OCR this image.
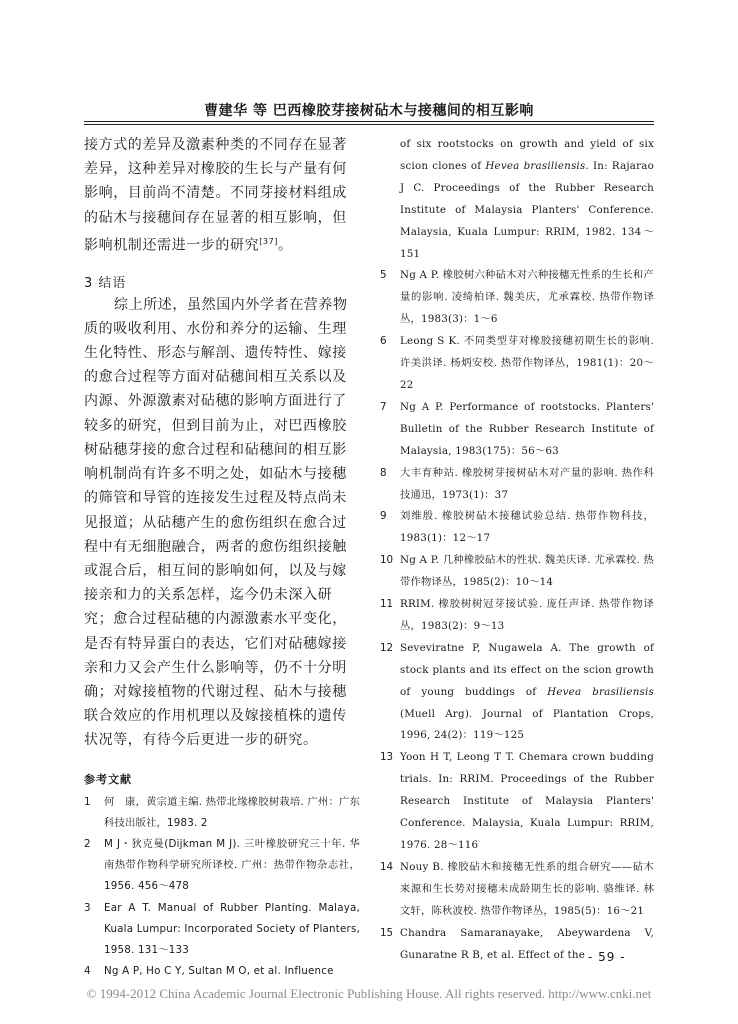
曹建华 等 巴西橡胶芽接树砧木与接穗间的相互影响

接方式的差异及激素种类的不同存在显著差异，这种差异对橡胶的生长与产量有何影响，目前尚不清楚。不同芽接材料组成的砧木与接穗间存在显著的相互影响，但影响机制还需进一步的研究[37]。

3 结语

综上所述，虽然国内外学者在营养物质的吸收利用、水份和养分的运输、生理生化特性、形态与解剖、遗传特性、嫁接的愈合过程等方面对砧穗间相互关系以及内源、外源激素对砧穗的影响方面进行了较多的研究，但到目前为止，对巴西橡胶树砧穗芽接的愈合过程和砧穗间的相互影响机制尚有许多不明之处，如砧木与接穗的筛管和导管的连接发生过程及特点尚未见报道；从砧穗产生的愈伤组织在愈合过程中有无细胞融合，两者的愈伤组织接触或混合后，相互间的影响如何，以及与嫁接亲和力的关系怎样，迄今仍未深入研究；愈合过程砧穗的内源激素水平变化，是否有特异蛋白的表达，它们对砧穗嫁接亲和力又会产生什么影响等，仍不十分明确；对嫁接植物的代谢过程、砧木与接穗联合效应的作用机理以及嫁接植株的遗传状况等，有待今后更进一步的研究。

参考文献
1	何　康，黄宗道主编. 热带北缘橡胶树栽培. 广州：广东科技出版社，1983. 2
2	M J・狄克曼(Dijkman M J). 三叶橡胶研究三十年. 华南热带作物科学研究所译校. 广州：热带作物杂志社，1956. 456～478
3	Ear A T. Manual of Rubber Planting. Malaya, Kuala Lumpur: Incorporated Society of Planters, 1958. 131～133
4	Ng A P, Ho C Y, Sultan M O, et al. Influence
of six rootstocks on growth and yield of six scion clones of Hevea brasiliensis. In: Rajarao J C. Proceedings of the Rubber Research Institute of Malaysia Planters' Conference. Malaysia, Kuala Lumpur: RRIM, 1982. 134～151
5	Ng A P. 橡胶树六种砧木对六种接穗无性系的生长和产量的影响. 凌绮柏译. 魏美庆，尤承霖校. 热带作物译丛，1983(3)：1～6
6	Leong S K. 不同类型芽对橡胶接穗初期生长的影响. 许美洪译. 杨炳安校. 热带作物译丛，1981(1)：20～22
7	Ng A P. Performance of rootstocks. Planters' Bulletin of the Rubber Research Institute of Malaysia, 1983(175)：56～63
8	大丰育种站. 橡胶树芽接树砧木对产量的影响. 热作科技通迅，1973(1)：37
9	刘维殷. 橡胶树砧木接穗试验总结. 热带作物科技，1983(1)：12～17
10 Ng A P. 几种橡胶砧木的性状. 魏美庆译. 尤承霖校. 热带作物译丛，1985(2)：10～14
11 RRIM. 橡胶树树冠芽接试验. 庞任声译. 热带作物译丛，1983(2)：9～13
12 Seveviratne P, Nugawela A. The growth of stock plants and its effect on the scion growth of young buddings of Hevea brasiliensis (Muell Arg). Journal of Plantation Crops, 1996, 24(2)：119～125
13 Yoon H T, Leong T T. Chemara crown budding trials. In: RRIM. Proceedings of the Rubber Research Institute of Malaysia Planters' Conference. Malaysia, Kuala Lumpur: RRIM, 1976. 28～116
14 Nouy B. 橡胶砧木和接穗无性系的组合研究——砧木来源和生长势对接穗未成龄期生长的影响. 骆维译. 林文轩，陈秋波校. 热带作物译丛，1985(5)：16～21
15 Chandra Samaranayake, Abeywardena V, Gunaratne R B, et al. Effect of the - 59 -
© 1994-2012 China Academic Journal Electronic Publishing House. All rights reserved. http://www.cnki.net
